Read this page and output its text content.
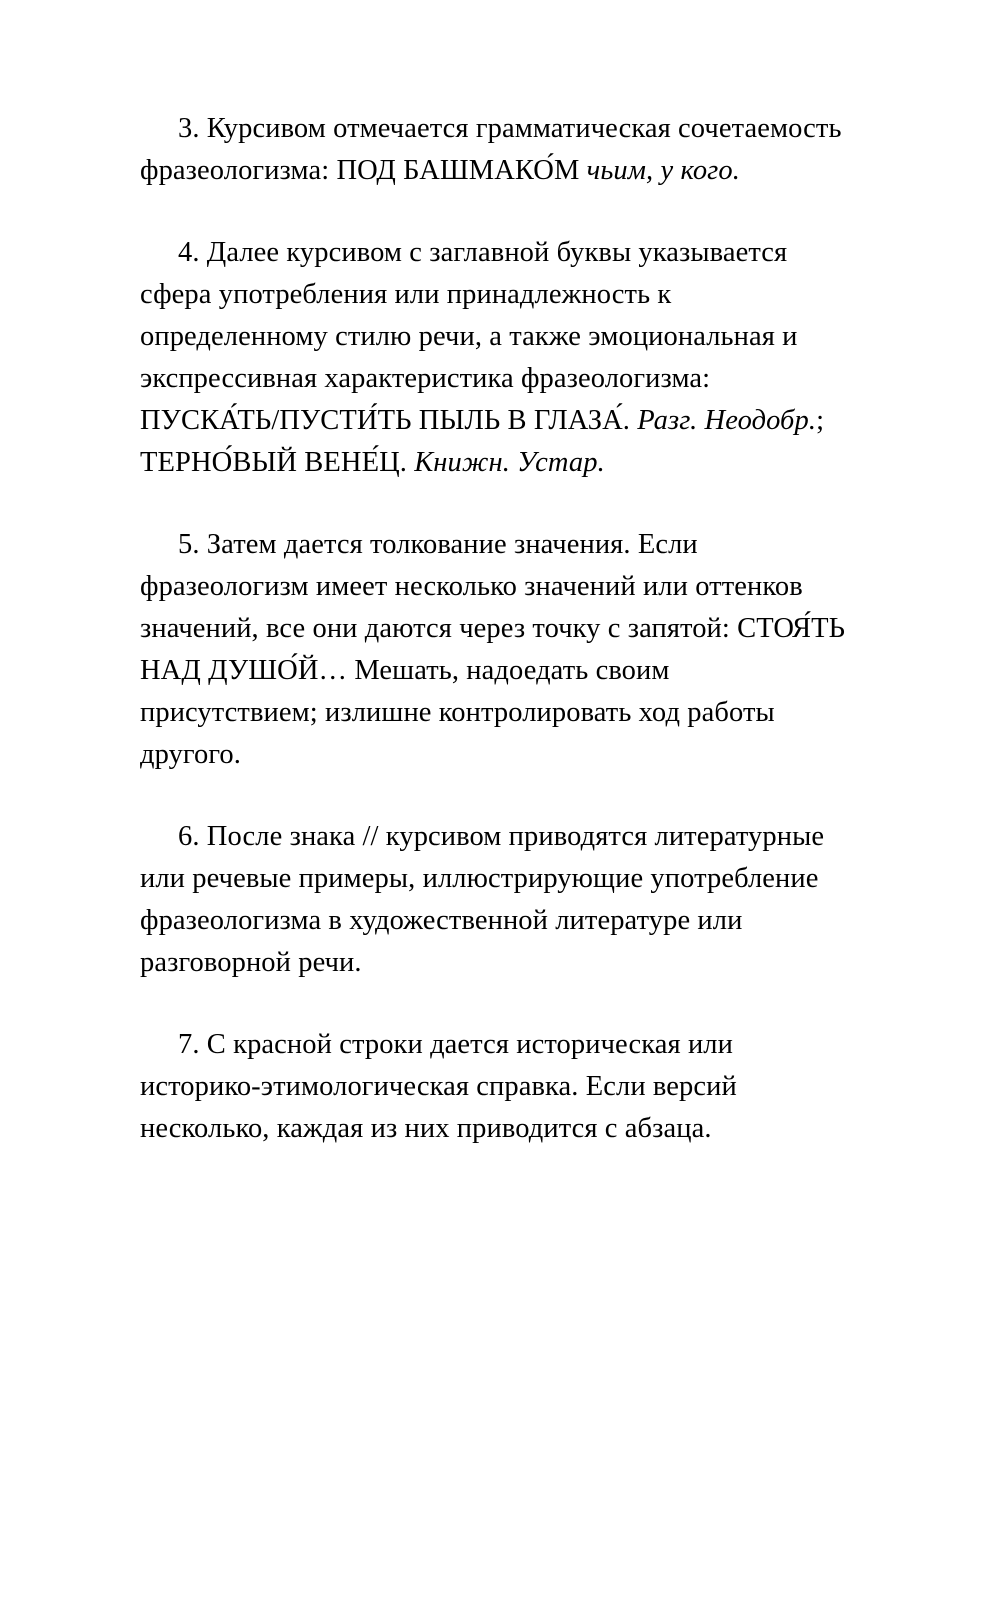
3. Курсивом отмечается грамматическая сочетаемость фразеологизма: ПОД БАШМАКО́М чьим, у кого.

4. Далее курсивом с заглавной буквы указывается сфера употребления или принадлежность к определенному стилю речи, а также эмоциональная и экспрессивная характеристика фразеологизма: ПУСКА́ТЬ/ПУСТИ́ТЬ ПЫЛЬ В ГЛАЗА́. Разг. Неодобр.; ТЕРНО́ВЫЙ ВЕНЕ́Ц. Книжн. Устар.

5. Затем дается толкование значения. Если фразеологизм имеет несколько значений или оттенков значений, все они даются через точку с запятой: СТОЯ́ТЬ НАД ДУШО́Й… Мешать, надоедать своим присутствием; излишне контролировать ход работы другого.

6. После знака // курсивом приводятся литературные или речевые примеры, иллюстрирующие употребление фразеологизма в художественной литературе или разговорной речи.

7. С красной строки дается историческая или историко-этимологическая справка. Если версий несколько, каждая из них приводится с абзаца.
